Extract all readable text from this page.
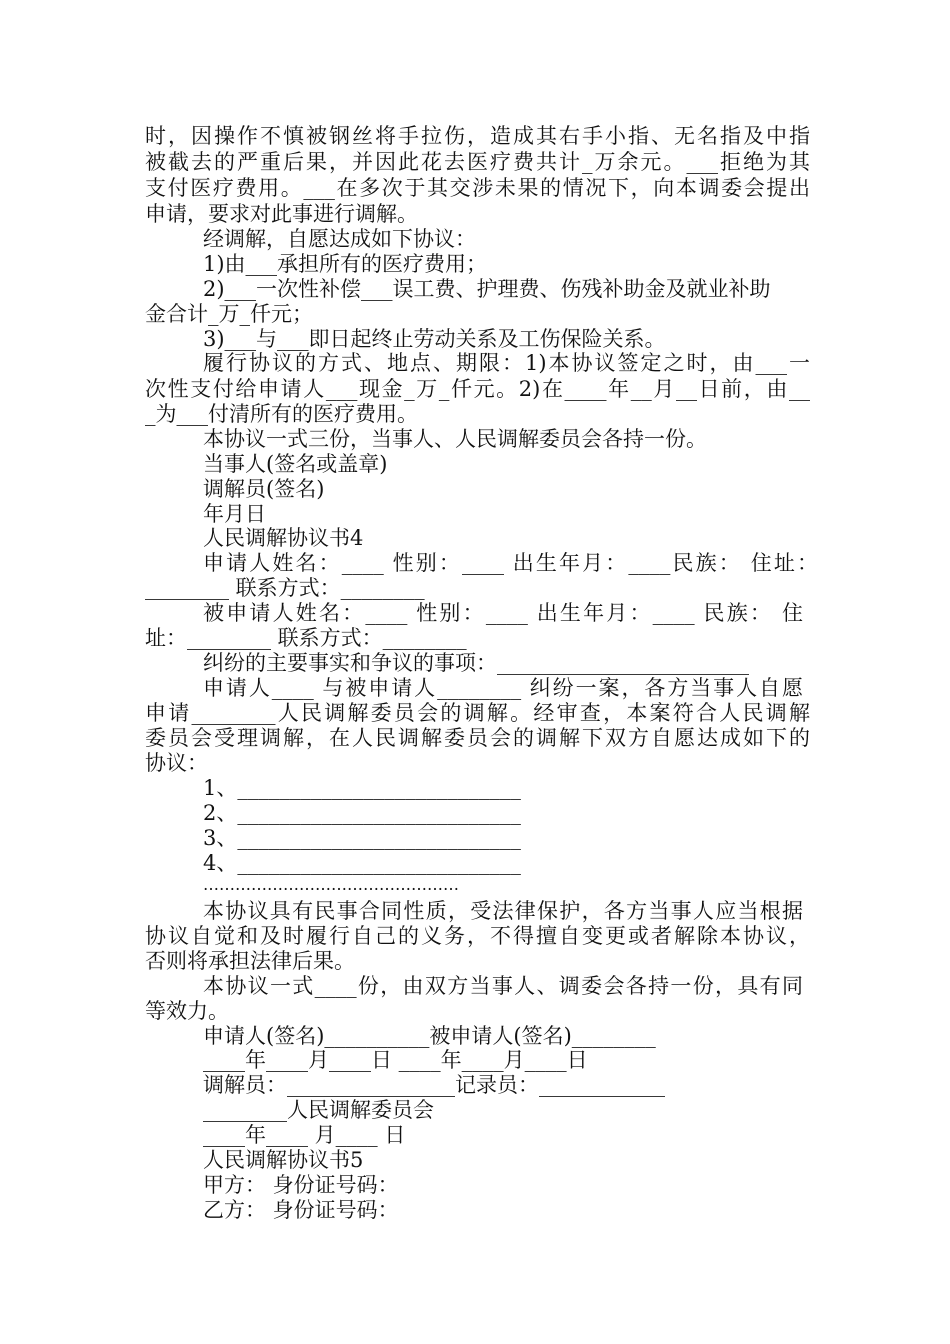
时，因操作不慎被钢丝将手拉伤，造成其右手小指、无名指及中指
被截去的严重后果，并因此花去医疗费共计_万余元。___拒绝为其
支付医疗费用。___在多次于其交涉未果的情况下，向本调委会提出
申请，要求对此事进行调解。
经调解，自愿达成如下协议：
1)由___承担所有的医疗费用；
2)___一次性补偿___误工费、护理费、伤残补助金及就业补助
金合计_万_仟元；
3)___与___即日起终止劳动关系及工伤保险关系。
履行协议的方式、地点、期限：1)本协议签定之时，由___一
次性支付给申请人___现金_万_仟元。2)在____年__月__日前，由__
_为___付清所有的医疗费用。
本协议一式三份，当事人、人民调解委员会各持一份。
当事人(签名或盖章)
调解员(签名)
年月日
人民调解协议书4
申请人姓名：____ 性别：____ 出生年月：____民族： 住址：
________ 联系方式：________
被申请人姓名：____ 性别：____ 出生年月：____ 民族： 住
址：________ 联系方式：________
纠纷的主要事实和争议的事项：________________________
申请人____ 与被申请人________ 纠纷一案，各方当事人自愿
申请________人民调解委员会的调解。经审查，本案符合人民调解
委员会受理调解，在人民调解委员会的调解下双方自愿达成如下的
协议：
1、___________________________
2、___________________________
3、___________________________
4、___________________________
…………………………………………
本协议具有民事合同性质，受法律保护，各方当事人应当根据
协议自觉和及时履行自己的义务，不得擅自变更或者解除本协议，
否则将承担法律后果。
本协议一式____份，由双方当事人、调委会各持一份，具有同
等效力。
申请人(签名)__________被申请人(签名)________
____年____月____日 ____年____月____日
调解员：________________记录员：____________
________人民调解委员会
____年____ 月____ 日
人民调解协议书5
甲方： 身份证号码：
乙方： 身份证号码：
